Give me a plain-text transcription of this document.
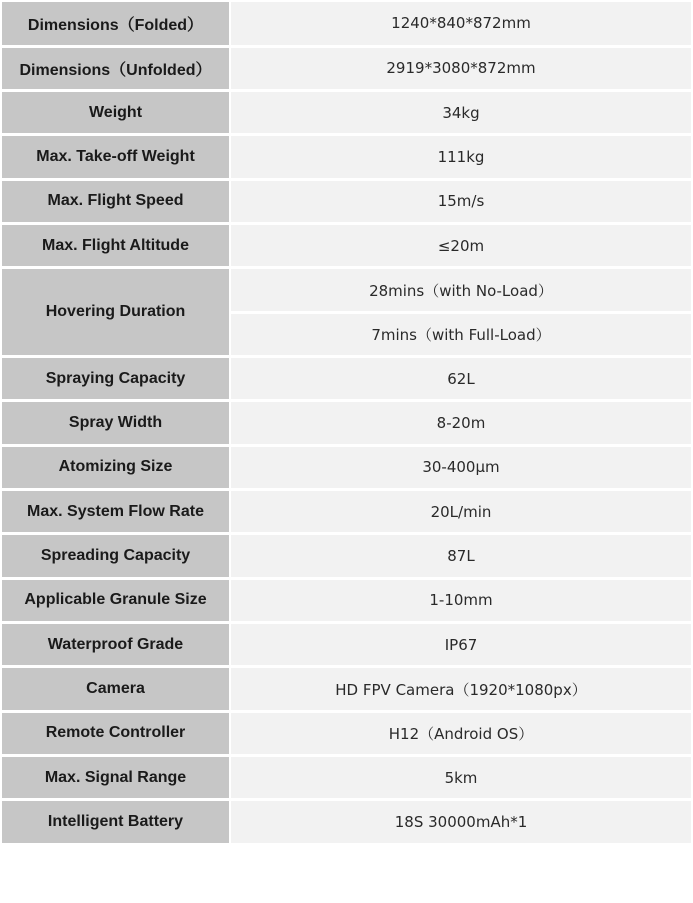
Dimensions（Folded）	1240*840*872mm
Dimensions（Unfolded）	2919*3080*872mm
Weight	34kg
Max. Take-off Weight	111kg
Max. Flight Speed	15m/s
Max. Flight Altitude	≤20m
Hovering Duration	28mins（with No-Load）
	7mins（with Full-Load）
Spraying Capacity	62L
Spray Width	8-20m
Atomizing Size	30-400μm
Max. System Flow Rate	20L/min
Spreading Capacity	87L
Applicable Granule Size	1-10mm
Waterproof Grade	IP67
Camera	HD FPV Camera（1920*1080px）
Remote Controller	H12（Android OS）
Max. Signal Range	5km
Intelligent Battery	18S 30000mAh*1
